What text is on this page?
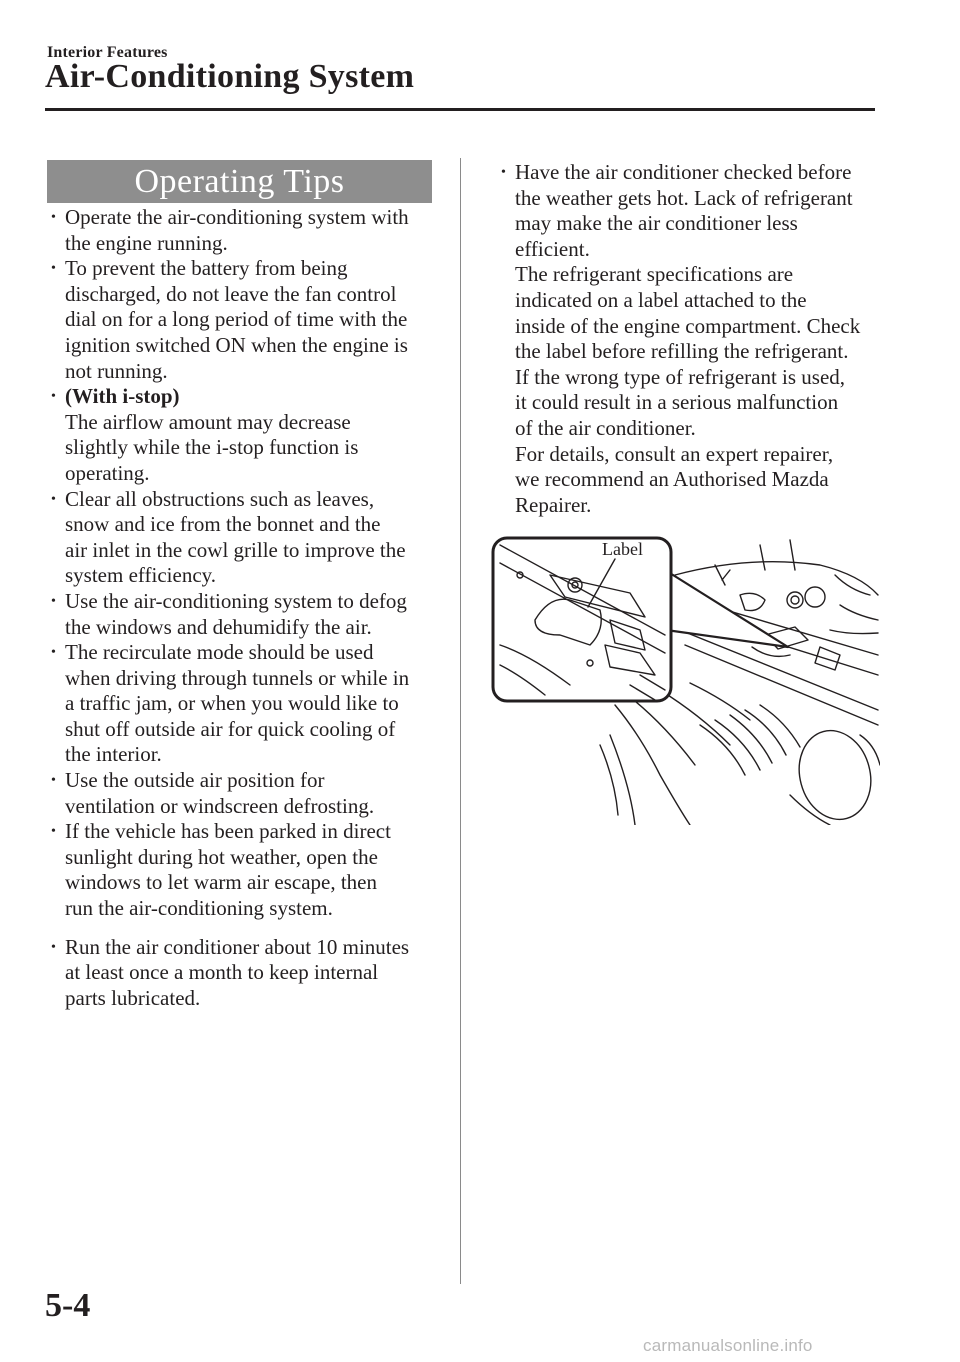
Interior Features
Air-Conditioning System
Operating Tips
• Operate the air-conditioning system with
the engine running.
• To prevent the battery from being
discharged, do not leave the fan control
dial on for a long period of time with the
ignition switched ON when the engine is
not running.
• (With i-stop)
The airflow amount may decrease
slightly while the i-stop function is
operating.
• Clear all obstructions such as leaves,
snow and ice from the bonnet and the
air inlet in the cowl grille to improve the
system efficiency.
• Use the air-conditioning system to defog
the windows and dehumidify the air.
• The recirculate mode should be used
when driving through tunnels or while in
a traffic jam, or when you would like to
shut off outside air for quick cooling of
the interior.
• Use the outside air position for
ventilation or windscreen defrosting.
• If the vehicle has been parked in direct
sunlight during hot weather, open the
windows to let warm air escape, then
run the air-conditioning system.
• Run the air conditioner about 10 minutes
at least once a month to keep internal
parts lubricated.
• Have the air conditioner checked before
the weather gets hot. Lack of refrigerant
may make the air conditioner less
efficient.
The refrigerant specifications are
indicated on a label attached to the
inside of the engine compartment. Check
the label before refilling the refrigerant.
If the wrong type of refrigerant is used,
it could result in a serious malfunction
of the air conditioner.
For details, consult an expert repairer,
we recommend an Authorised Mazda
Repairer.
Label
5-4
carmanualsonline.info
